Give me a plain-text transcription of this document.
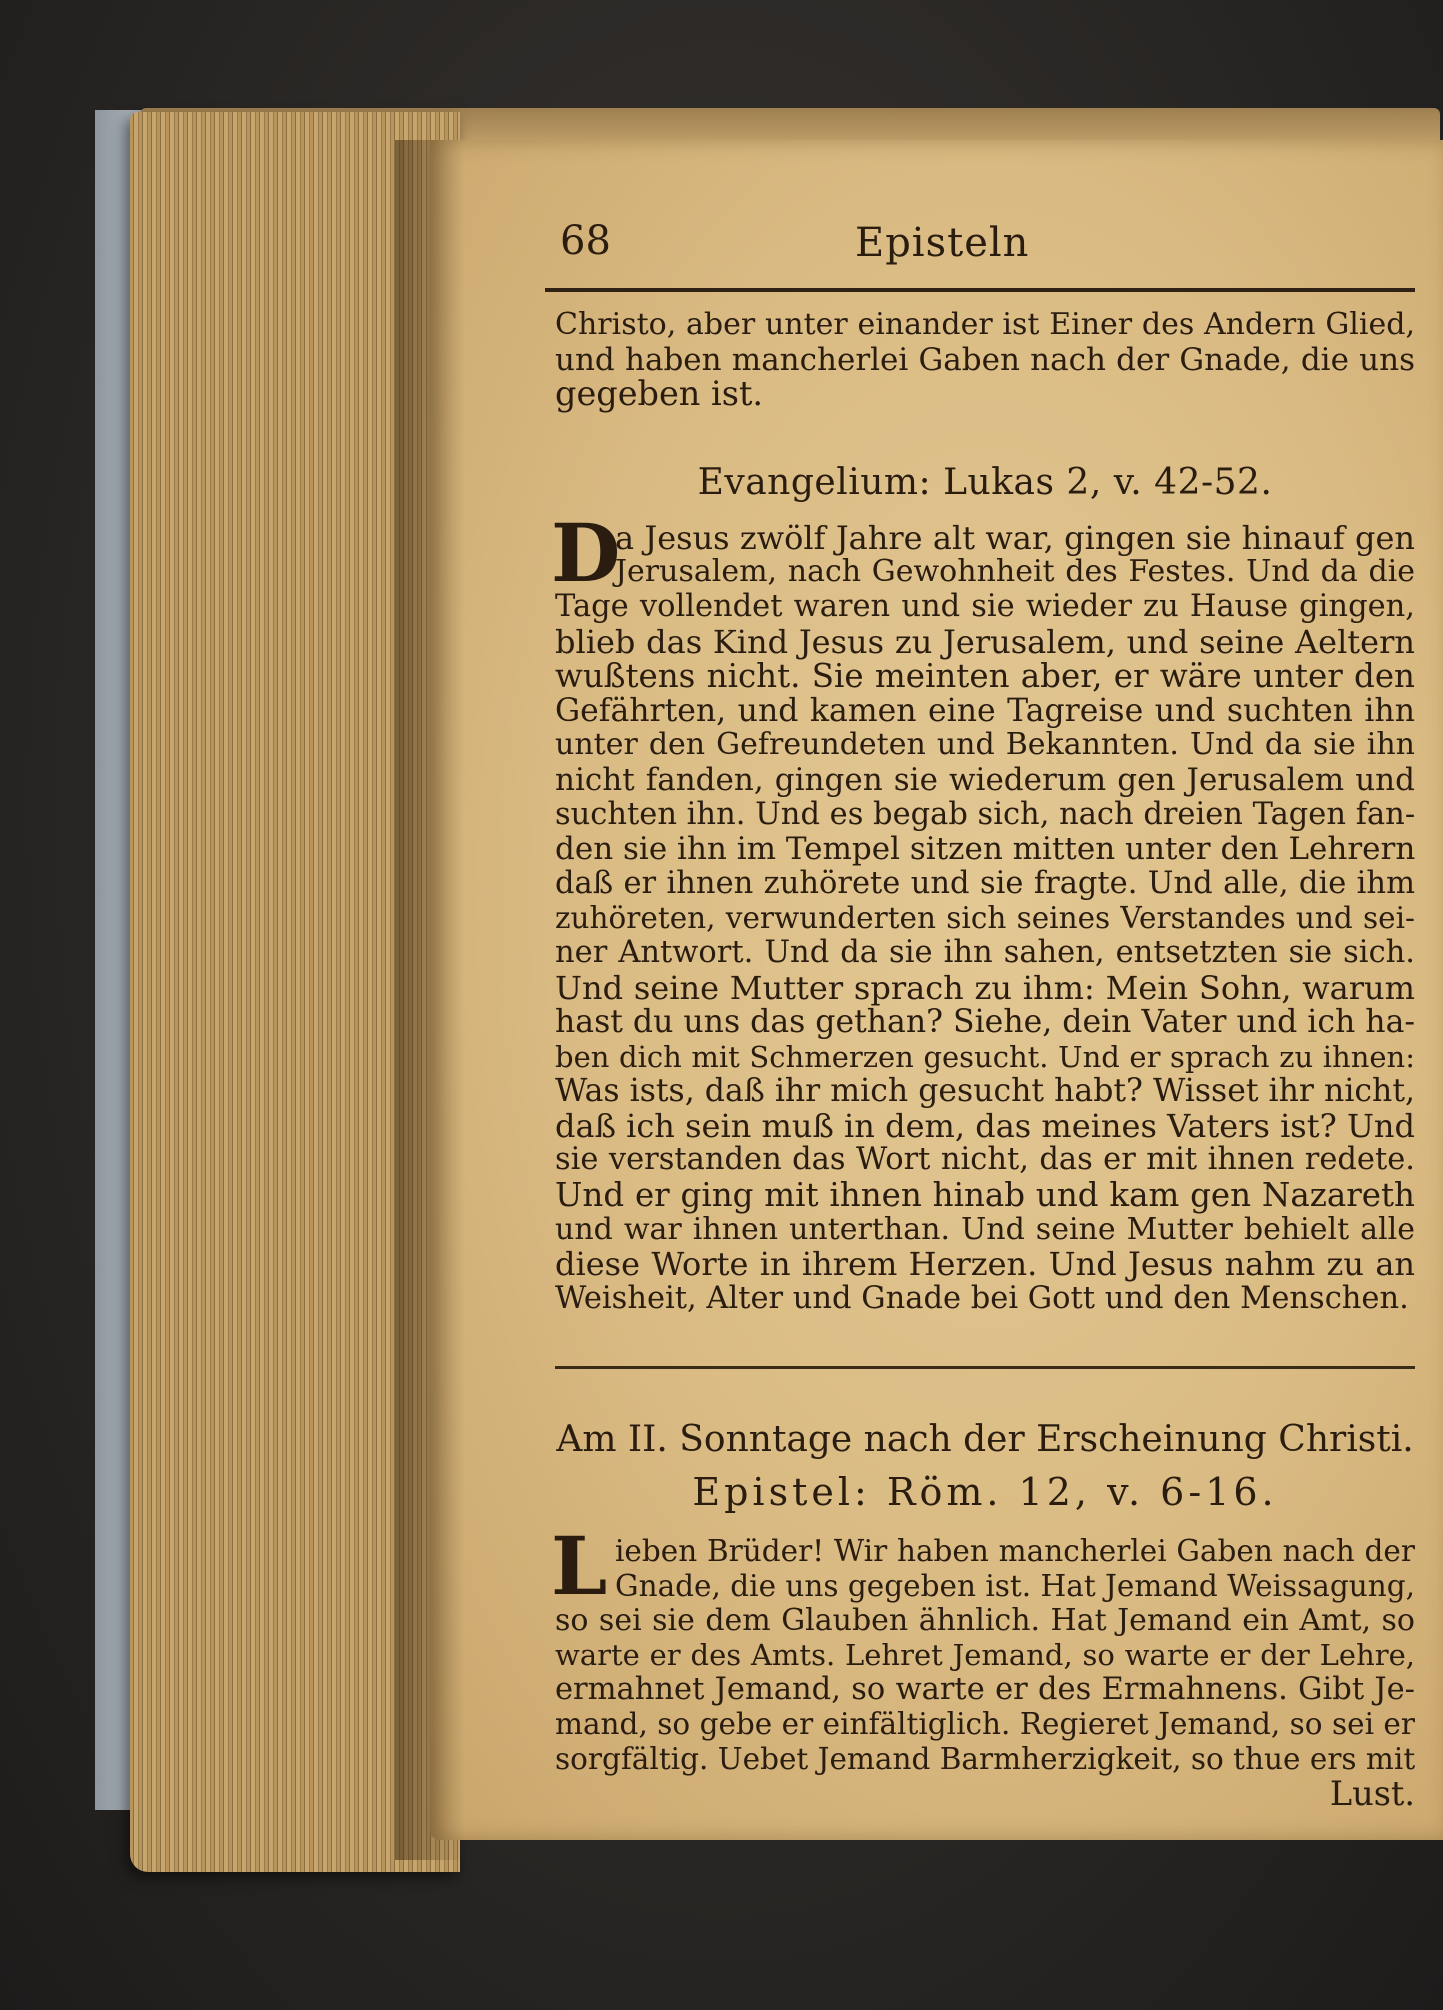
68	Episteln
Christo, aber unter einander ist Einer des Andern Glied,
und haben mancherlei Gaben nach der Gnade, die uns
gegeben ist.

Evangelium: Lukas 2, v. 42-52.

D
a Jesus zwölf Jahre alt war, gingen sie hinauf gen
Jerusalem, nach Gewohnheit des Festes. Und da die
Tage vollendet waren und sie wieder zu Hause gingen,
blieb das Kind Jesus zu Jerusalem, und seine Aeltern
wußtens nicht. Sie meinten aber, er wäre unter den
Gefährten, und kamen eine Tagreise und suchten ihn
unter den Gefreundeten und Bekannten. Und da sie ihn
nicht fanden, gingen sie wiederum gen Jerusalem und
suchten ihn. Und es begab sich, nach dreien Tagen fan-
den sie ihn im Tempel sitzen mitten unter den Lehrern
daß er ihnen zuhörete und sie fragte. Und alle, die ihm
zuhöreten, verwunderten sich seines Verstandes und sei-
ner Antwort. Und da sie ihn sahen, entsetzten sie sich.
Und seine Mutter sprach zu ihm: Mein Sohn, warum
hast du uns das gethan? Siehe, dein Vater und ich ha-
ben dich mit Schmerzen gesucht. Und er sprach zu ihnen:
Was ists, daß ihr mich gesucht habt? Wisset ihr nicht,
daß ich sein muß in dem, das meines Vaters ist? Und
sie verstanden das Wort nicht, das er mit ihnen redete.
Und er ging mit ihnen hinab und kam gen Nazareth
und war ihnen unterthan. Und seine Mutter behielt alle
diese Worte in ihrem Herzen. Und Jesus nahm zu an
Weisheit, Alter und Gnade bei Gott und den Menschen.

Am II. Sonntage nach der Erscheinung Christi.

Epistel: Röm. 12, v. 6-16.

L ieben Brüder! Wir haben mancherlei Gaben nach der
Gnade, die uns gegeben ist. Hat Jemand Weissagung,
so sei sie dem Glauben ähnlich. Hat Jemand ein Amt, so
warte er des Amts. Lehret Jemand, so warte er der Lehre,
ermahnet Jemand, so warte er des Ermahnens. Gibt Je-
mand, so gebe er einfältiglich. Regieret Jemand, so sei er
sorgfältig. Uebet Jemand Barmherzigkeit, so thue ers mit
Lust.
